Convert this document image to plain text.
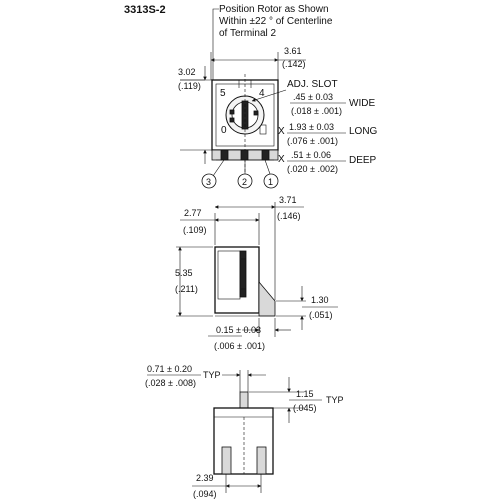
3313S-2	Position Rotor as Shown
Within ±22 ° of Centerline
of Terminal 2
3.61
(.142)
3.02
(.119)
5	4
0
3	2 1
ADJ. SLOT
.45 ± 0.03
(.018 ± .001)
WIDE
X 1.93 ± 0.03
(.076 ± .001)
LONG
X .51 ± 0.06
(.020 ± .002)
DEEP
2.77
(.109)
3.71
(.146)
5.35
(.211)
1.30
(.051)
0.15 ± 0.03
(.006 ± .001)
0.71 ± 0.20
TYP
(.028 ± .008)
1.15
(.045)
TYP
2.39
(.094)
